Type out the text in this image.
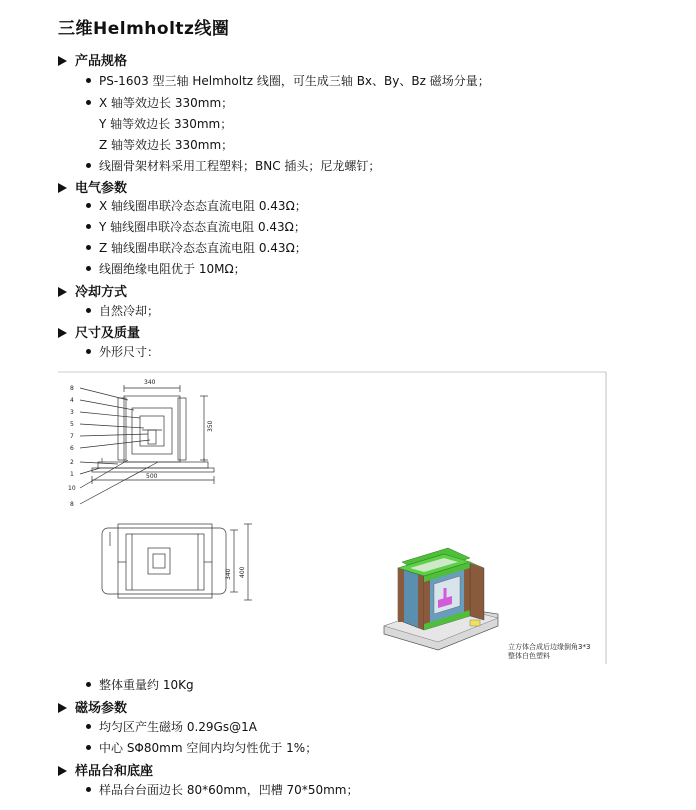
三维Helmholtz线圈
产品规格
PS-1603 型三轴 Helmholtz 线圈，可生成三轴 Bx、By、Bz 磁场分量；
X 轴等效边长 330mm；
Y 轴等效边长 330mm；
Z 轴等效边长 330mm；
线圈骨架材料采用工程塑料；BNC 插头；尼龙螺钉；
电气参数
X 轴线圈串联冷态态直流电阻 0.43Ω；
Y 轴线圈串联冷态态直流电阻 0.43Ω；
Z 轴线圈串联冷态态直流电阻 0.43Ω；
线圈绝缘电阻优于 10MΩ；
冷却方式
自然冷却；
尺寸及质量
外形尺寸：
340
350
500
8
4
3
5
7
6
2
1
10
8
340 400
立方体合成后边缘倒角3*3
整体白色塑料
整体重量约 10Kg
磁场参数
均匀区产生磁场 0.29Gs@1A
中心 SΦ80mm 空间内均匀性优于 1%；
样品台和底座
样品台台面边长 80*60mm，凹槽 70*50mm；
